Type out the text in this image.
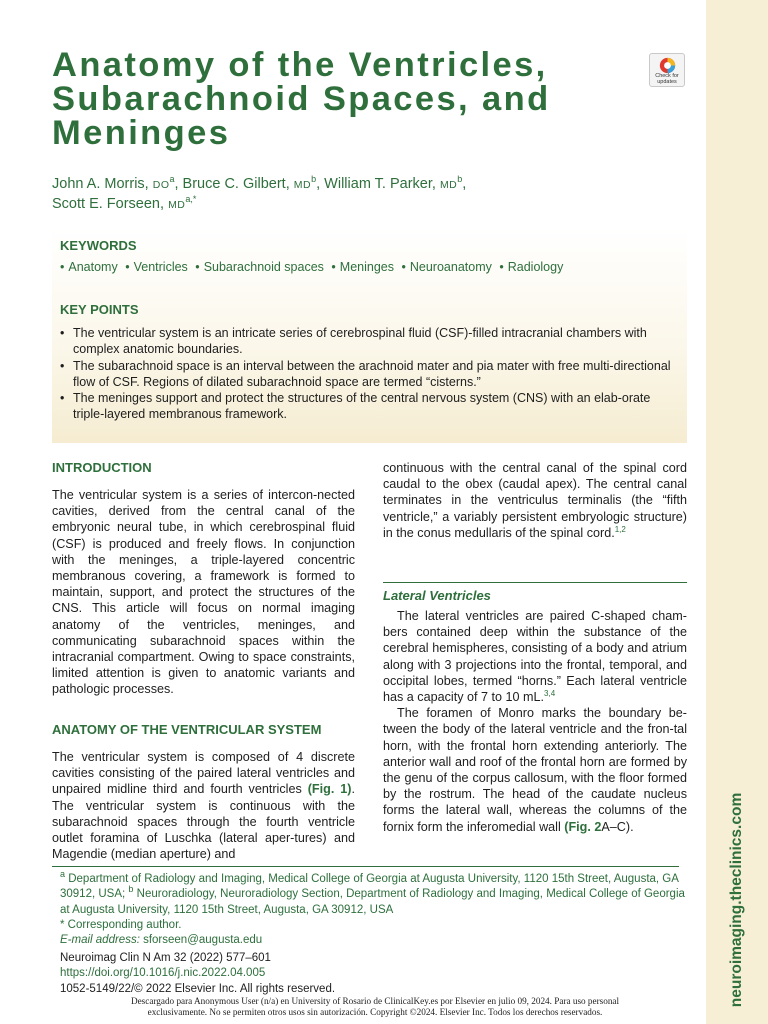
Anatomy of the Ventricles,
Subarachnoid Spaces, and
Meninges
Check for
updates
John A. Morris, $DO^a$, Bruce C. Gilbert, $MD^b$, William T. Parker, $MD^b$,
Scott E. Forseen, $MD^{a,*}$
KEYWORDS
• Anatomy • Ventricles • Subarachnoid spaces • Meninges • Neuroanatomy • Radiology
KEY POINTS
• The ventricular system is an intricate series of cerebrospinal fluid (CSF)-filled intracranial chambers with complex anatomic boundaries.
• The subarachnoid space is an interval between the arachnoid mater and pia mater with free multi-directional flow of CSF. Regions of dilated subarachnoid space are termed “cisterns.”
• The meninges support and protect the structures of the central nervous system (CNS) with an elab-orate triple-layered membranous framework.
INTRODUCTION

The ventricular system is a series of intercon-nected cavities, derived from the central canal of the embryonic neural tube, in which cerebrospinal fluid (CSF) is produced and freely flows. In conjunction with the meninges, a triple-layered concentric membranous covering, a framework is formed to maintain, support, and protect the structures of the CNS. This article will focus on normal imaging anatomy of the ventricles, meninges, and communicating subarachnoid spaces within the intracranial compartment. Owing to space constraints, limited attention is given to anatomic variants and pathologic processes.

ANATOMY OF THE VENTRICULAR SYSTEM

The ventricular system is composed of 4 discrete cavities consisting of the paired lateral ventricles and unpaired midline third and fourth ventricles (Fig. 1). The ventricular system is continuous with the subarachnoid spaces through the fourth ventricle outlet foramina of Luschka (lateral aper-tures) and Magendie (median aperture) and

continuous with the central canal of the spinal cord caudal to the obex (caudal apex). The central canal terminates in the ventriculus terminalis (the “fifth ventricle,” a variably persistent embryologic structure) in the conus medullaris of the spinal cord.$^{1,2}$

Lateral Ventricles

The lateral ventricles are paired C-shaped cham-bers contained deep within the substance of the cerebral hemispheres, consisting of a body and atrium along with 3 projections into the frontal, temporal, and occipital lobes, termed “horns.” Each lateral ventricle has a capacity of 7 to 10 mL.$^{3,4}$

The foramen of Monro marks the boundary be-tween the body of the lateral ventricle and the fron-tal horn, with the frontal horn extending anteriorly. The anterior wall and roof of the frontal horn are formed by the genu of the corpus callosum, with the floor formed by the rostrum. The head of the caudate nucleus forms the lateral wall, whereas the columns of the fornix form the inferomedial wall (Fig. 2A–C).

$^a$ Department of Radiology and Imaging, Medical College of Georgia at Augusta University, 1120 15th Street, Augusta, GA 30912, USA; $^b$ Neuroradiology, Neuroradiology Section, Department of Radiology and Imaging, Medical College of Georgia at Augusta University, 1120 15th Street, Augusta, GA 30912, USA
* Corresponding author.
E-mail address: sforseen@augusta.edu
Neuroimag Clin N Am 32 (2022) 577–601
https://doi.org/10.1016/j.nic.2022.04.005
1052-5149/22/© 2022 Elsevier Inc. All rights reserved.
Descargado para Anonymous User (n/a) en University of Rosario de ClinicalKey.es por Elsevier en julio 09, 2024. Para uso personal
exclusivamente. No se permiten otros usos sin autorización. Copyright ©2024. Elsevier Inc. Todos los derechos reservados.
neuroimaging.theclinics.com
